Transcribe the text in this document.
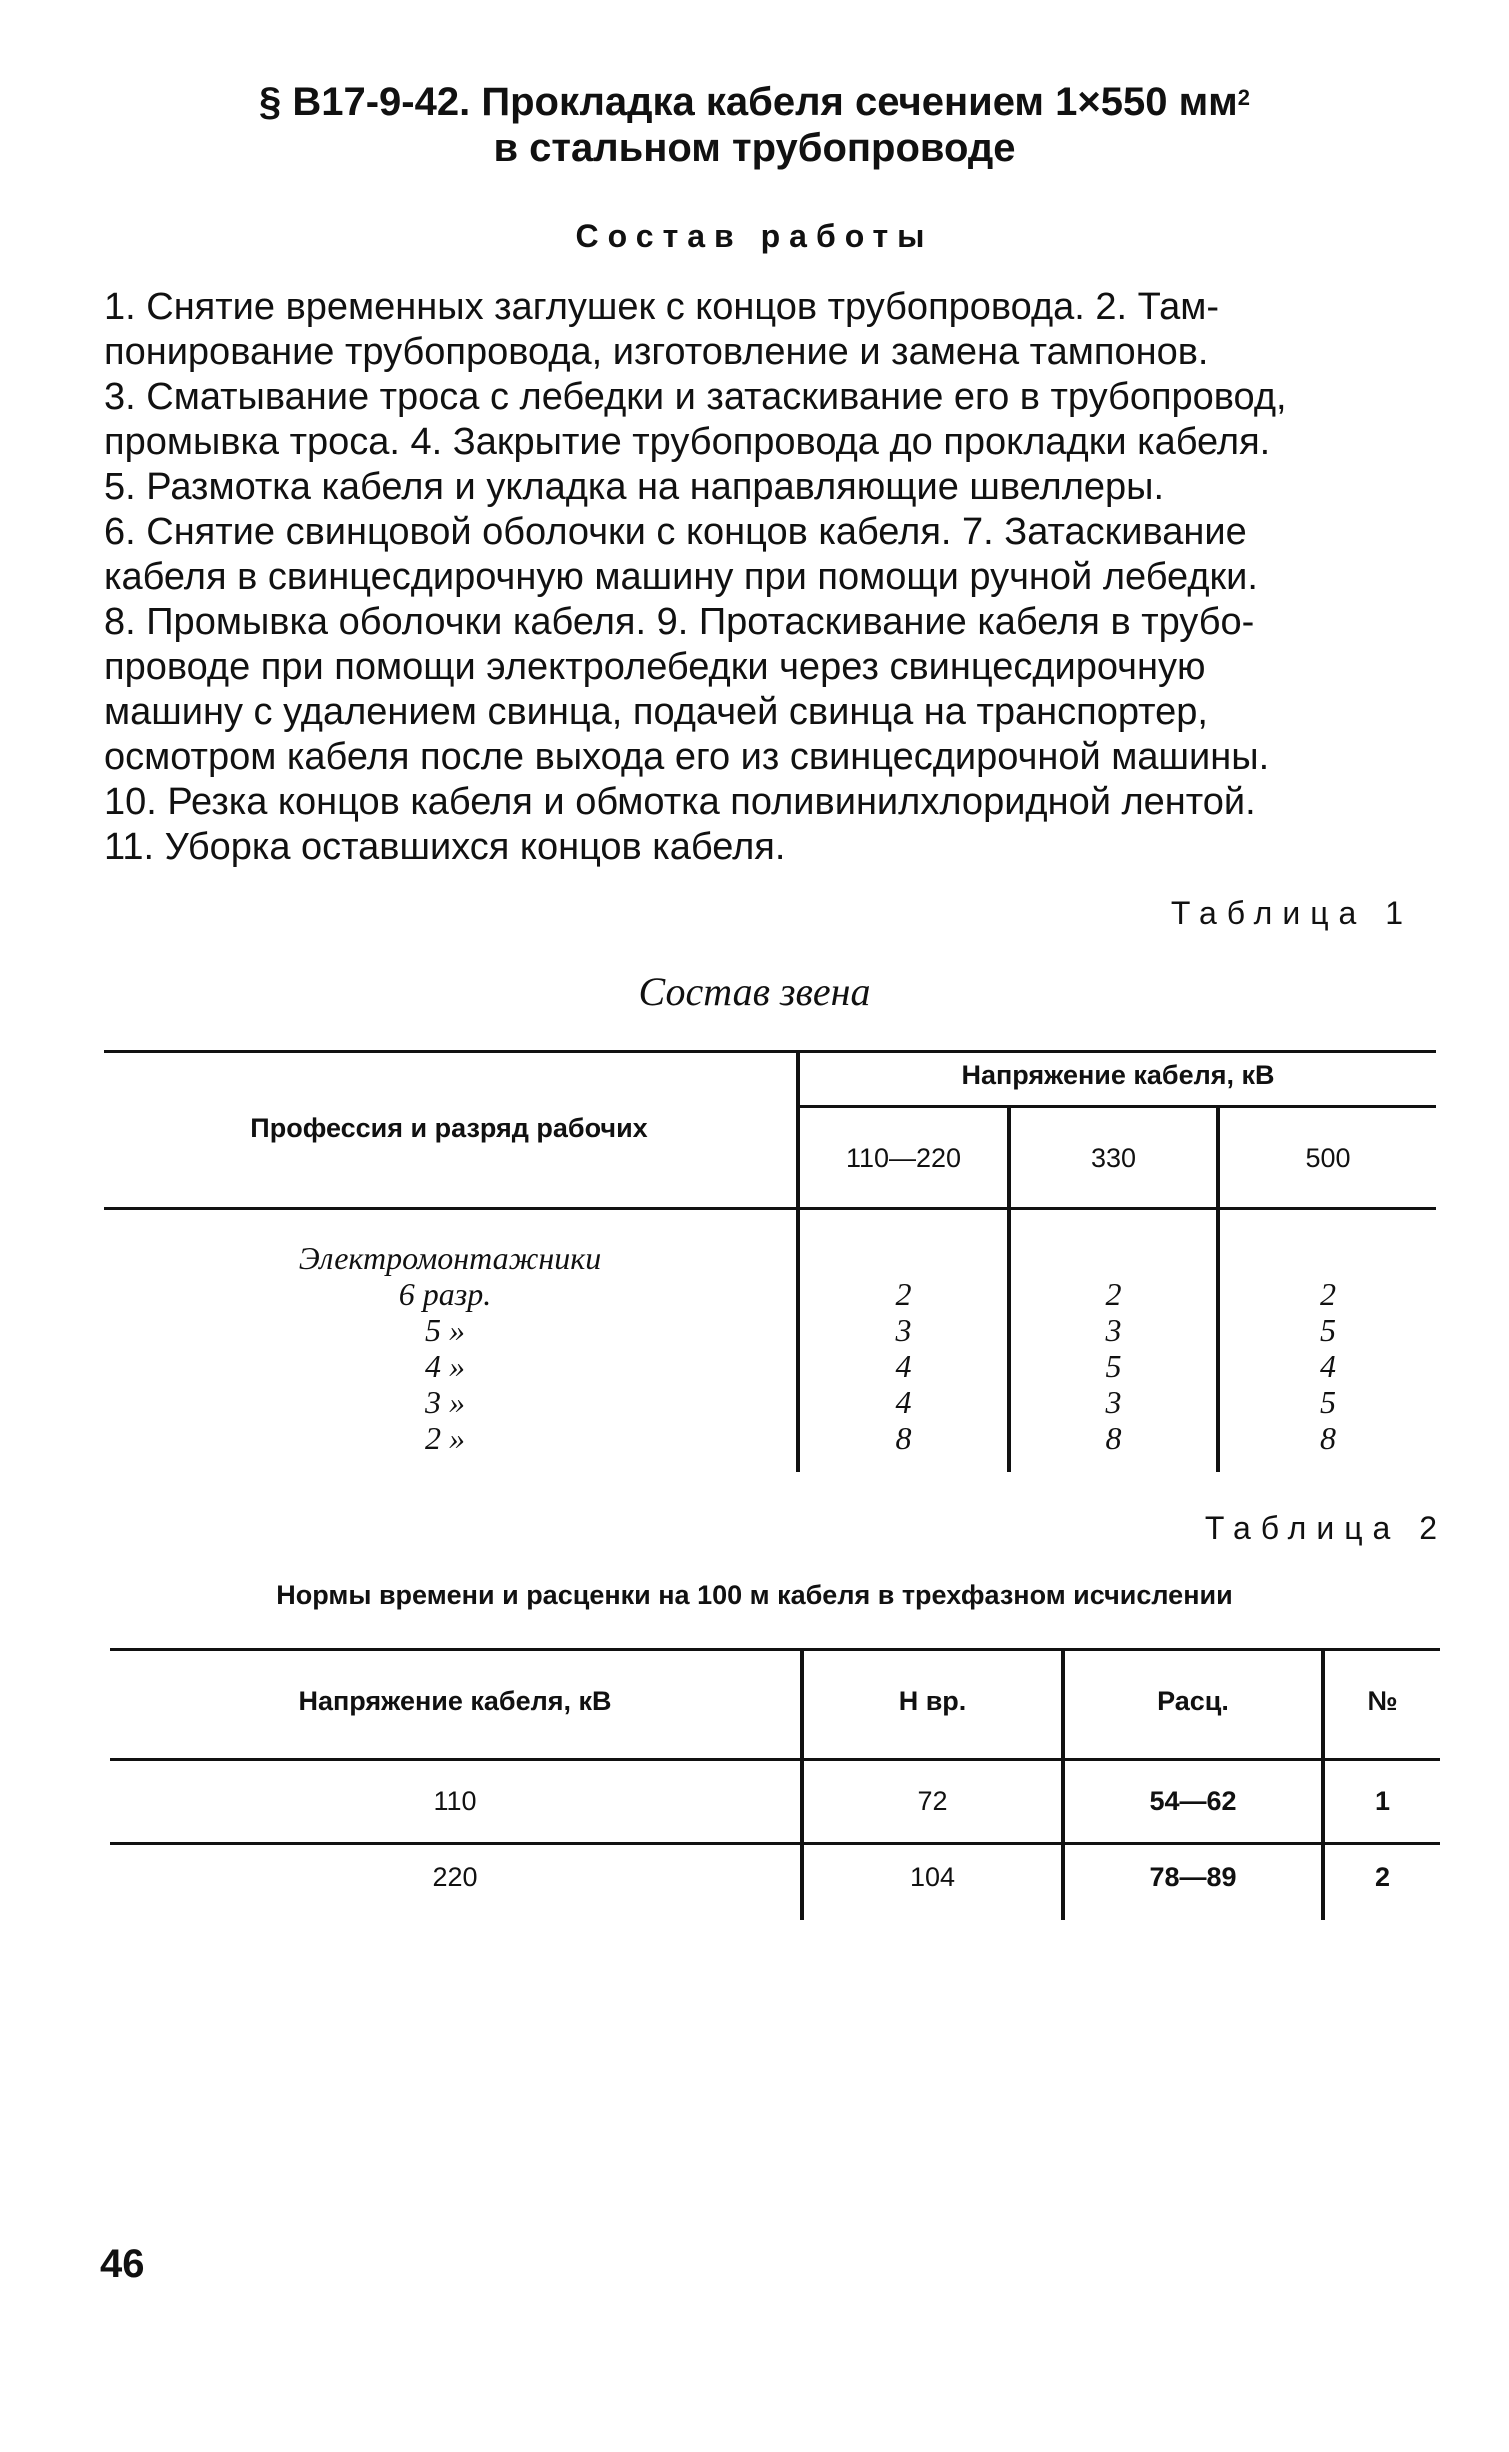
§ В17-9-42. Прокладка кабеля сечением 1×550 $мм^2$
в стальном трубопроводе
Состав работы
1. Снятие временных заглушек с концов трубопровода. 2. Там-
понирование трубопровода, изготовление и замена тампонов.
3. Сматывание троса с лебедки и затаскивание его в трубопровод,
промывка троса. 4. Закрытие трубопровода до прокладки кабеля.
5. Размотка кабеля и укладка на направляющие швеллеры.
6. Снятие свинцовой оболочки с концов кабеля. 7. Затаскивание
кабеля в свинцесдирочную машину при помощи ручной лебедки.
8. Промывка оболочки кабеля. 9. Протаскивание кабеля в трубо-
проводе при помощи электролебедки через свинцесдирочную
машину с удалением свинца, подачей свинца на транспортер,
осмотром кабеля после выхода его из свинцесдирочной машины.
10. Резка концов кабеля и обмотка поливинилхлоридной лентой.
11. Уборка оставшихся концов кабеля.
Таблица 1
Состав звена
Профессия и разряд рабочих
Напряжение кабеля, кВ
110—220	330	500
Электромонтажники
6 разр.	2	2	2
5 »	3	3	5
4 »	4	5	4
3 »	4	3	5
2 »	8	8	8
Таблица 2
Нормы времени и расценки на 100 м кабеля в трехфазном исчислении
Напряжение кабеля, кВ	Н вр.	Расц.	№
110	72	54—62	1
220	104	78—89	2
46
